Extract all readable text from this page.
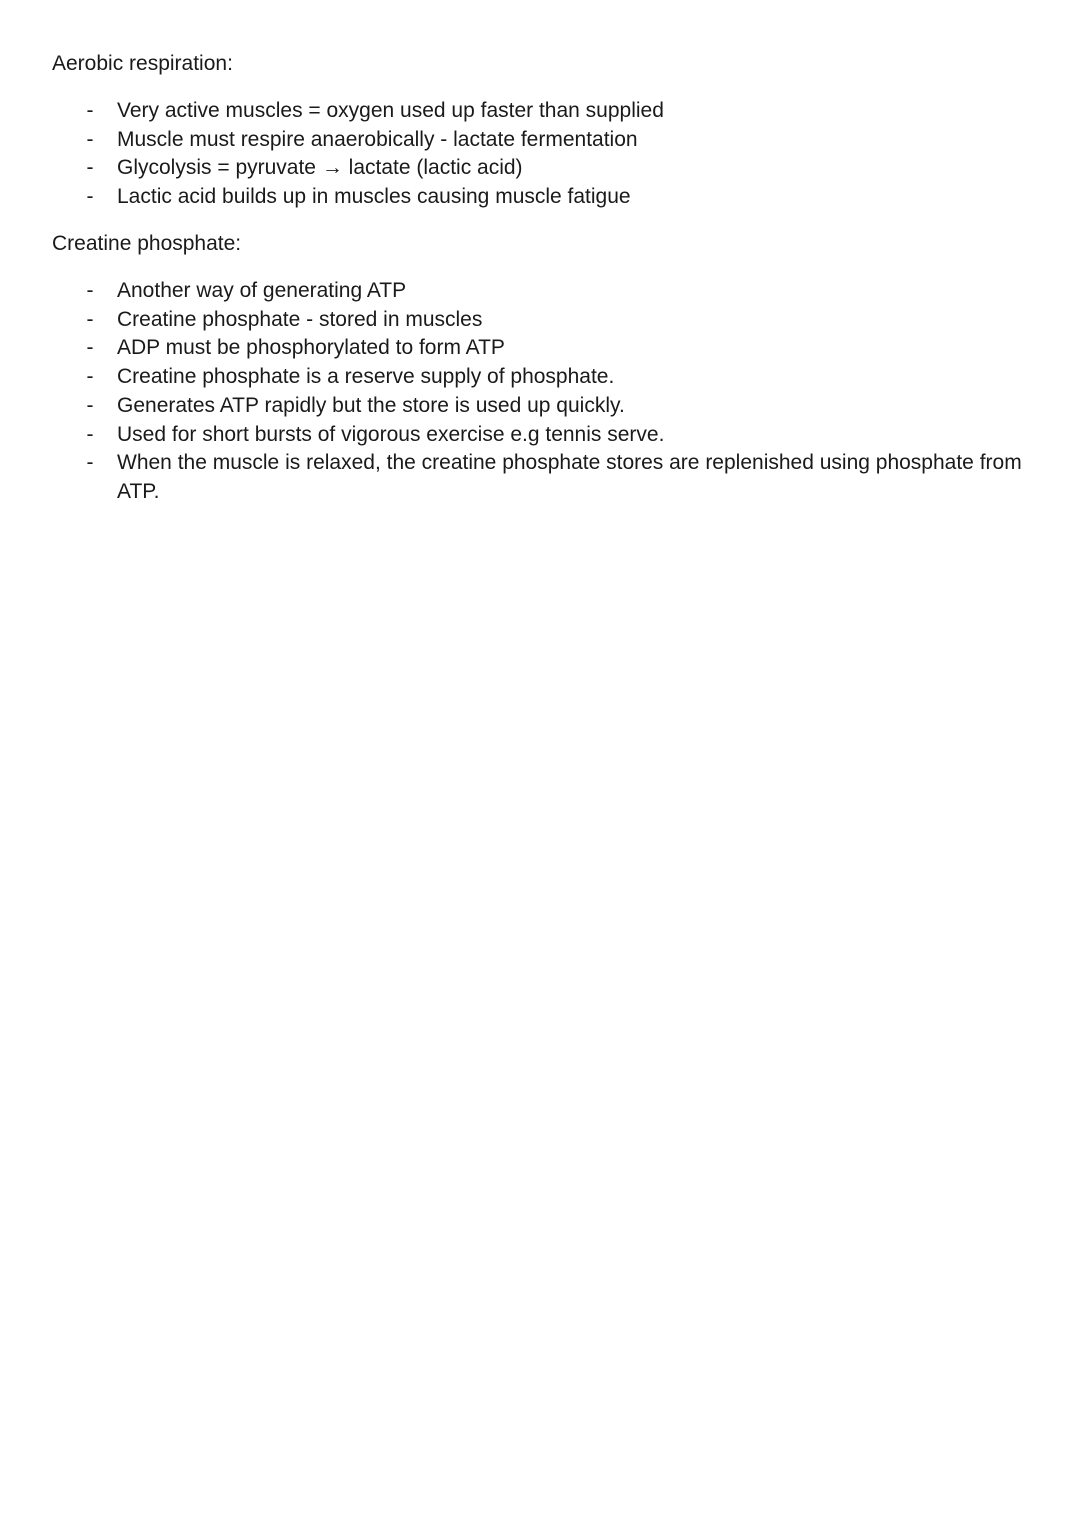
Aerobic respiration:
- Very active muscles = oxygen used up faster than supplied
- Muscle must respire anaerobically - lactate fermentation
- Glycolysis = pyruvate → lactate (lactic acid)
- Lactic acid builds up in muscles causing muscle fatigue
Creatine phosphate:
- Another way of generating ATP
- Creatine phosphate - stored in muscles
- ADP must be phosphorylated to form ATP
- Creatine phosphate is a reserve supply of phosphate.
- Generates ATP rapidly but the store is used up quickly.
- Used for short bursts of vigorous exercise e.g tennis serve.
- When the muscle is relaxed, the creatine phosphate stores are replenished using phosphate from ATP.
